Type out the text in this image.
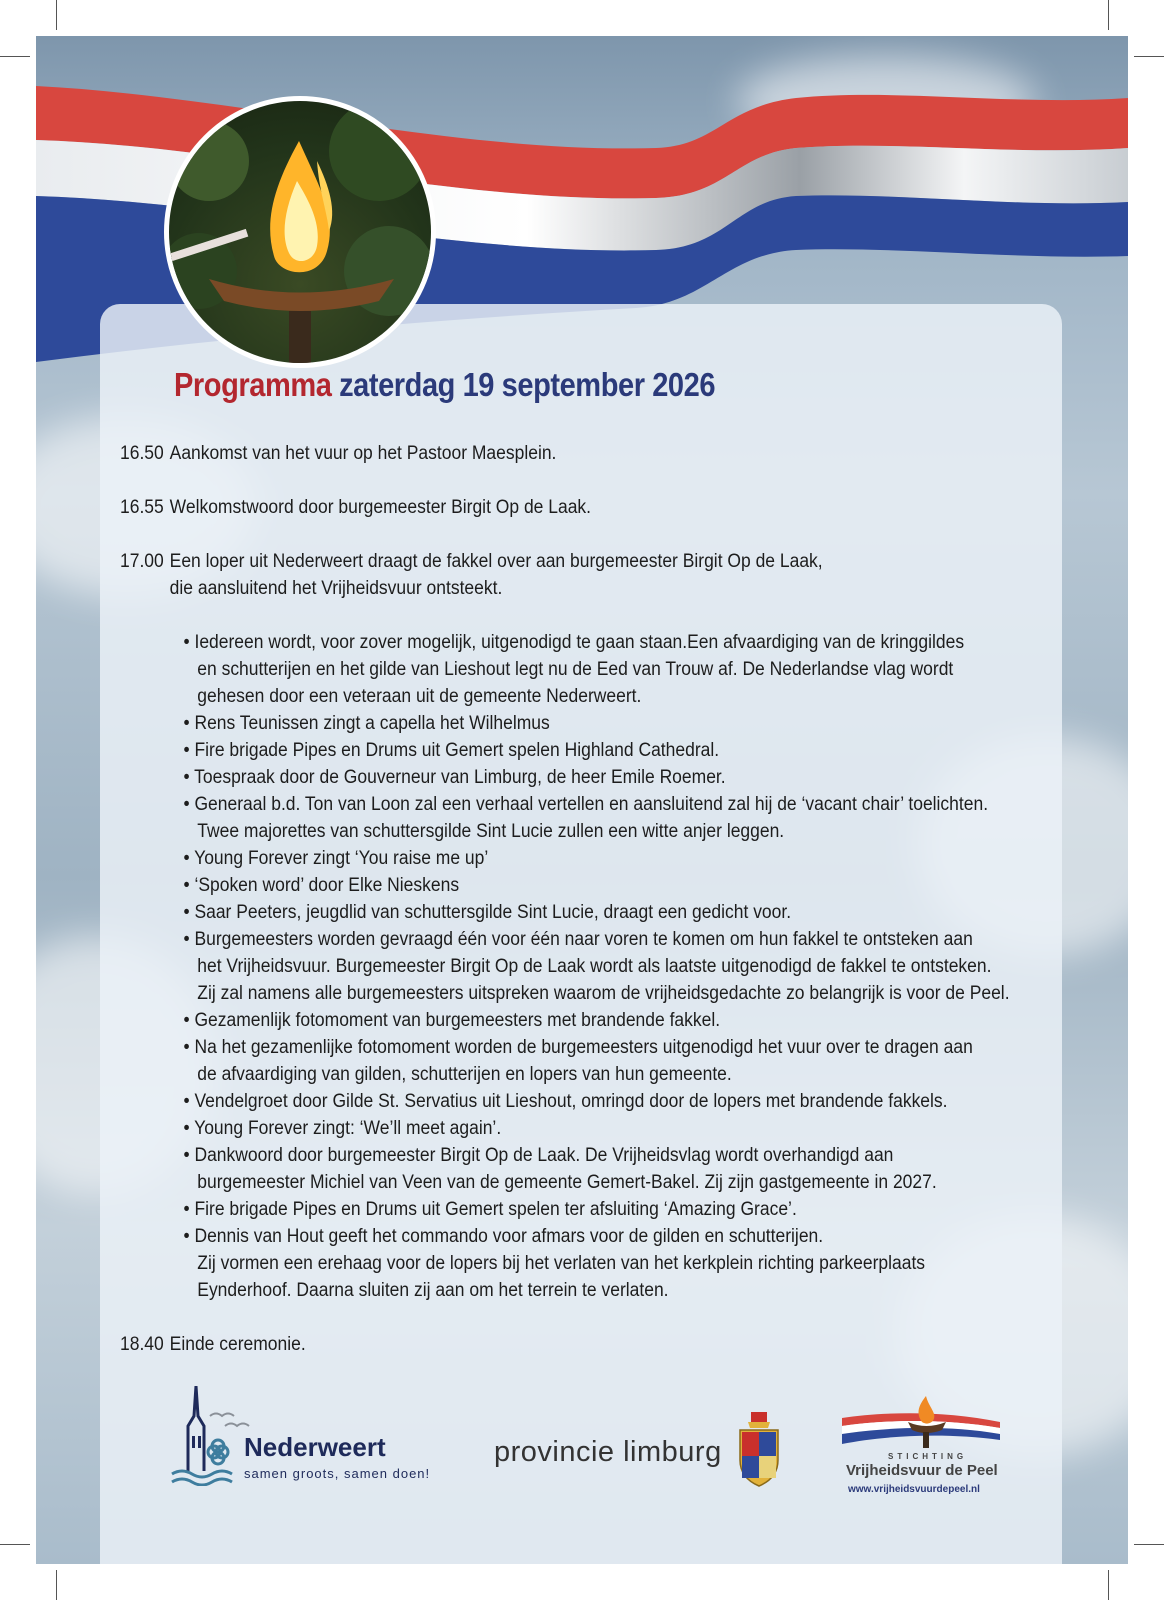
Programma zaterdag 19 september 2026
16.50 Aankomst van het vuur op het Pastoor Maesplein.
16.55 Welkomstwoord door burgemeester Birgit Op de Laak.
17.00 Een loper uit Nederweert draagt de fakkel over aan burgemeester Birgit Op de Laak,
die aansluitend het Vrijheidsvuur ontsteekt.
• Iedereen wordt, voor zover mogelijk, uitgenodigd te gaan staan.Een afvaardiging van de kringgildes
en schutterijen en het gilde van Lieshout legt nu de Eed van Trouw af. De Nederlandse vlag wordt
gehesen door een veteraan uit de gemeente Nederweert.
• Rens Teunissen zingt a capella het Wilhelmus
• Fire brigade Pipes en Drums uit Gemert spelen Highland Cathedral.
• Toespraak door de Gouverneur van Limburg, de heer Emile Roemer.
• Generaal b.d. Ton van Loon zal een verhaal vertellen en aansluitend zal hij de ‘vacant chair’ toelichten.
Twee majorettes van schuttersgilde Sint Lucie zullen een witte anjer leggen.
• Young Forever zingt ‘You raise me up’
• ‘Spoken word’ door Elke Nieskens
• Saar Peeters, jeugdlid van schuttersgilde Sint Lucie, draagt een gedicht voor.
• Burgemeesters worden gevraagd één voor één naar voren te komen om hun fakkel te ontsteken aan
het Vrijheidsvuur. Burgemeester Birgit Op de Laak wordt als laatste uitgenodigd de fakkel te ontsteken.
Zij zal namens alle burgemeesters uitspreken waarom de vrijheidsgedachte zo belangrijk is voor de Peel.
• Gezamenlijk fotomoment van burgemeesters met brandende fakkel.
• Na het gezamenlijke fotomoment worden de burgemeesters uitgenodigd het vuur over te dragen aan
de afvaardiging van gilden, schutterijen en lopers van hun gemeente.
• Vendelgroet door Gilde St. Servatius uit Lieshout, omringd door de lopers met brandende fakkels.
• Young Forever zingt: ‘We’ll meet again’.
• Dankwoord door burgemeester Birgit Op de Laak. De Vrijheidsvlag wordt overhandigd aan
burgemeester Michiel van Veen van de gemeente Gemert-Bakel. Zij zijn gastgemeente in 2027.
• Fire brigade Pipes en Drums uit Gemert spelen ter afsluiting ‘Amazing Grace’.
• Dennis van Hout geeft het commando voor afmars voor de gilden en schutterijen.
Zij vormen een erehaag voor de lopers bij het verlaten van het kerkplein richting parkeerplaats
Eynderhoof. Daarna sluiten zij aan om het terrein te verlaten.
18.40 Einde ceremonie.
Nederweert
samen groots, samen doen!
provincie limburg	STICHTING
Vrijheidsvuur de Peel
www.vrijheidsvuurdepeel.nl
